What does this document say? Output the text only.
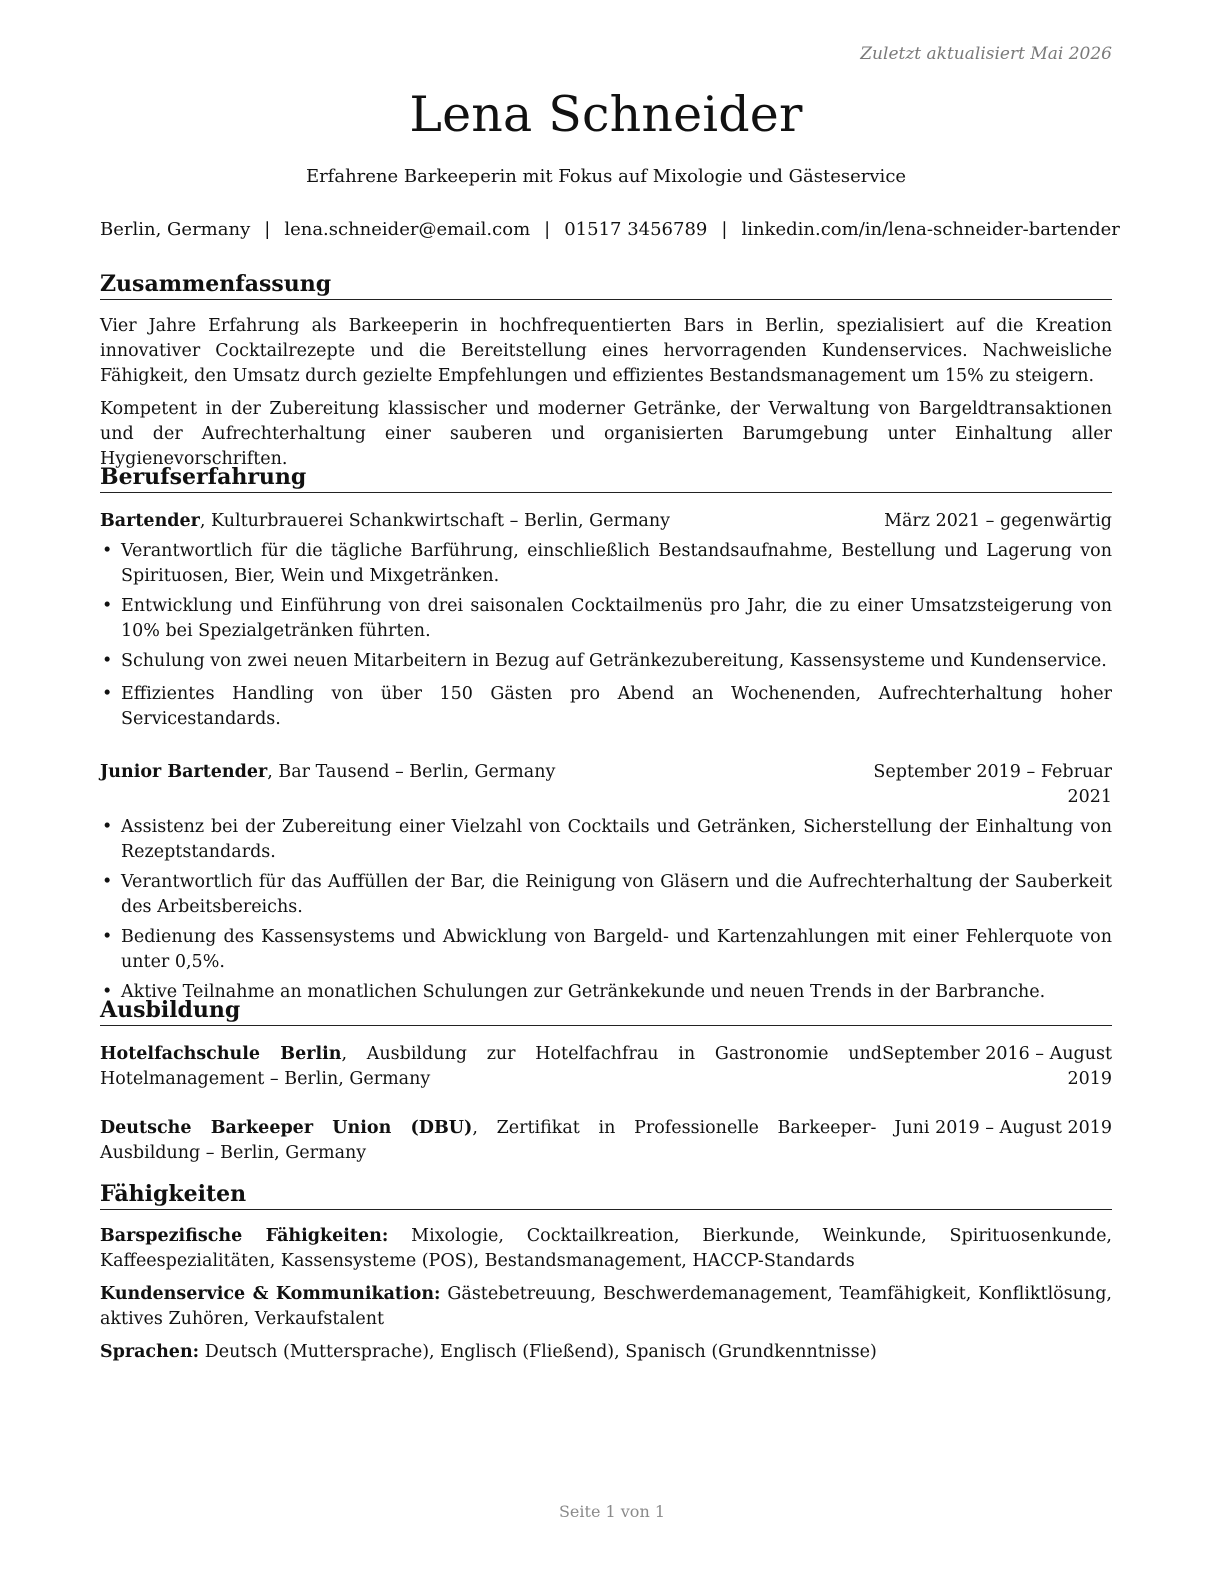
Zuletzt aktualisiert Mai 2026
Lena Schneider
Erfahrene Barkeeperin mit Fokus auf Mixologie und Gästeservice
Berlin, Germany | lena.schneider@email.com | 01517 3456789 | linkedin.com/in/lena-schneider-bartender
Zusammenfassung

Vier Jahre Erfahrung als Barkeeperin in hochfrequentierten Bars in Berlin, spezialisiert auf die Kreation innovativer Cocktailrezepte und die Bereitstellung eines hervorragenden Kundenservices. Nachweisliche Fähigkeit, den Umsatz durch gezielte Empfehlungen und effizientes Bestandsmanagement um 15% zu steigern.

Kompetent in der Zubereitung klassischer und moderner Getränke, der Verwaltung von Bargeldtransaktionen und der Aufrechterhaltung einer sauberen und organisierten Barumgebung unter Einhaltung aller Hygienevorschriften.

Berufserfahrung
Bartender, Kulturbrauerei Schankwirtschaft – Berlin, Germany	März 2021 – gegenwärtig
• Verantwortlich für die tägliche Barführung, einschließlich Bestandsaufnahme, Bestellung und Lagerung von Spirituosen, Bier, Wein und Mixgetränken.
• Entwicklung und Einführung von drei saisonalen Cocktailmenüs pro Jahr, die zu einer Umsatzsteigerung von 10% bei Spezialgetränken führten.
• Schulung von zwei neuen Mitarbeitern in Bezug auf Getränkezubereitung, Kassensysteme und Kundenservice.
• Effizientes Handling von über 150 Gästen pro Abend an Wochenenden, Aufrechterhaltung hoher Servicestandards.
Junior Bartender, Bar Tausend – Berlin, Germany	September 2019 – Februar 2021
• Assistenz bei der Zubereitung einer Vielzahl von Cocktails und Getränken, Sicherstellung der Einhaltung von Rezeptstandards.
• Verantwortlich für das Auffüllen der Bar, die Reinigung von Gläsern und die Aufrechterhaltung der Sauberkeit des Arbeitsbereichs.
• Bedienung des Kassensystems und Abwicklung von Bargeld- und Kartenzahlungen mit einer Fehlerquote von unter 0,5%.
• Aktive Teilnahme an monatlichen Schulungen zur Getränkekunde und neuen Trends in der Barbranche.
Ausbildung
Hotelfachschule Berlin, Ausbildung zur Hotelfachfrau in Gastronomie und Hotelmanagement – Berlin, Germany
September 2016 – August 2019
Deutsche Barkeeper Union (DBU), Zertifikat in Professionelle Barkeeper-Ausbildung – Berlin, Germany
Juni 2019 – August 2019
Fähigkeiten

Barspezifische Fähigkeiten: Mixologie, Cocktailkreation, Bierkunde, Weinkunde, Spirituosenkunde, Kaffeespezialitäten, Kassensysteme (POS), Bestandsmanagement, HACCP-Standards

Kundenservice & Kommunikation: Gästebetreuung, Beschwerdemanagement, Teamfähigkeit, Konfliktlösung, aktives Zuhören, Verkaufstalent

Sprachen: Deutsch (Muttersprache), Englisch (Fließend), Spanisch (Grundkenntnisse)

Seite 1 von 1
